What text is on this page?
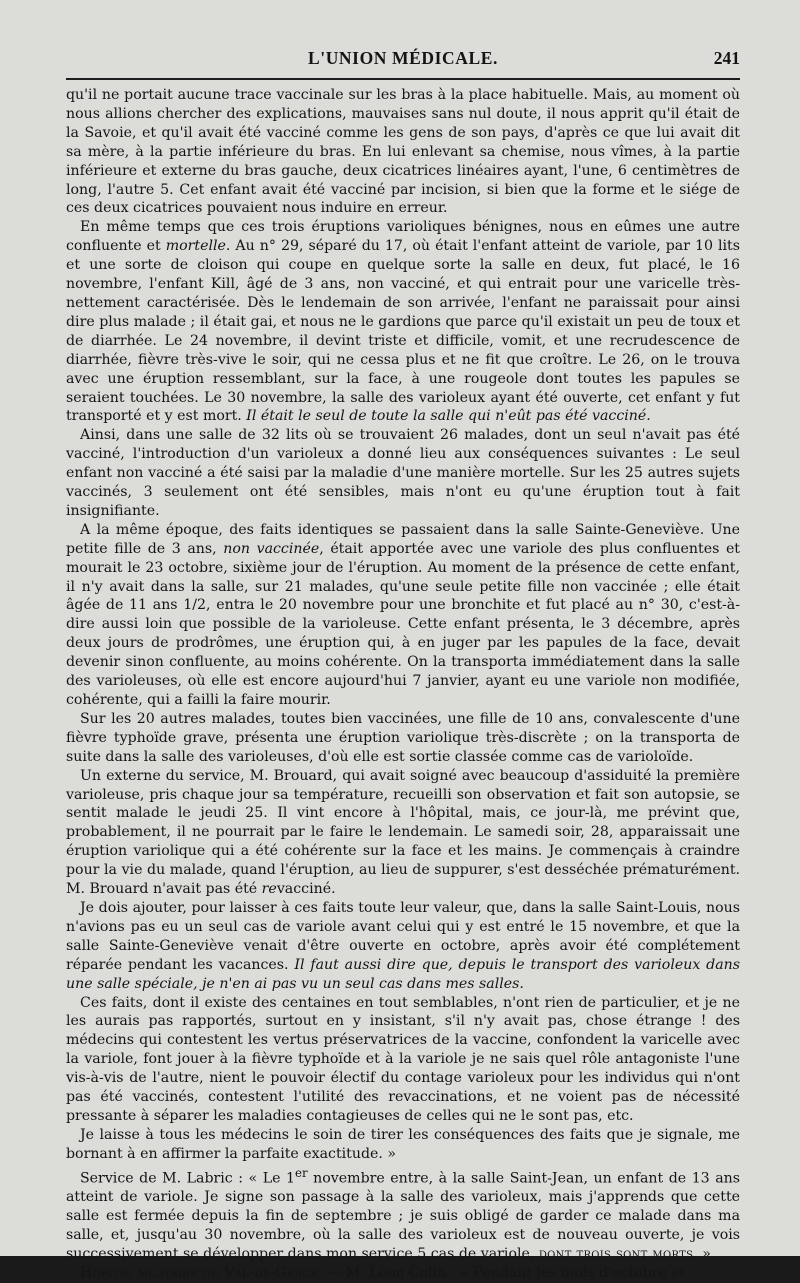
L'UNION MÉDICALE.	241

qu'il ne portait aucune trace vaccinale sur les bras à la place habituelle. Mais, au moment où nous allions chercher des explications, mauvaises sans nul doute, il nous apprit qu'il était de la Savoie, et qu'il avait été vacciné comme les gens de son pays, d'après ce que lui avait dit sa mère, à la partie inférieure du bras. En lui enlevant sa chemise, nous vîmes, à la partie inférieure et externe du bras gauche, deux cicatrices linéaires ayant, l'une, 6 centimètres de long, l'autre 5. Cet enfant avait été vacciné par incision, si bien que la forme et le siége de ces deux cicatrices pouvaient nous induire en erreur.

En même temps que ces trois éruptions varioliques bénignes, nous en eûmes une autre confluente et mortelle. Au n° 29, séparé du 17, où était l'enfant atteint de variole, par 10 lits et une sorte de cloison qui coupe en quelque sorte la salle en deux, fut placé, le 16 novembre, l'enfant Kill, âgé de 3 ans, non vacciné, et qui entrait pour une varicelle très-nettement caractérisée. Dès le lendemain de son arrivée, l'enfant ne paraissait pour ainsi dire plus malade ; il était gai, et nous ne le gardions que parce qu'il existait un peu de toux et de diarrhée. Le 24 novembre, il devint triste et difficile, vomit, et une recrudescence de diarrhée, fièvre très-vive le soir, qui ne cessa plus et ne fit que croître. Le 26, on le trouva avec une éruption ressemblant, sur la face, à une rougeole dont toutes les papules se seraient touchées. Le 30 novembre, la salle des varioleux ayant été ouverte, cet enfant y fut transporté et y est mort. Il était le seul de toute la salle qui n'eût pas été vacciné.

Ainsi, dans une salle de 32 lits où se trouvaient 26 malades, dont un seul n'avait pas été vacciné, l'introduction d'un varioleux a donné lieu aux conséquences suivantes : Le seul enfant non vacciné a été saisi par la maladie d'une manière mortelle. Sur les 25 autres sujets vaccinés, 3 seulement ont été sensibles, mais n'ont eu qu'une éruption tout à fait insignifiante.

A la même époque, des faits identiques se passaient dans la salle Sainte-Geneviève. Une petite fille de 3 ans, non vaccinée, était apportée avec une variole des plus confluentes et mourait le 23 octobre, sixième jour de l'éruption. Au moment de la présence de cette enfant, il n'y avait dans la salle, sur 21 malades, qu'une seule petite fille non vaccinée ; elle était âgée de 11 ans 1/2, entra le 20 novembre pour une bronchite et fut placé au n° 30, c'est-à-dire aussi loin que possible de la varioleuse. Cette enfant présenta, le 3 décembre, après deux jours de prodrômes, une éruption qui, à en juger par les papules de la face, devait devenir sinon confluente, au moins cohérente. On la transporta immédiatement dans la salle des varioleuses, où elle est encore aujourd'hui 7 janvier, ayant eu une variole non modifiée, cohérente, qui a failli la faire mourir.

Sur les 20 autres malades, toutes bien vaccinées, une fille de 10 ans, convalescente d'une fièvre typhoïde grave, présenta une éruption variolique très-discrète ; on la transporta de suite dans la salle des varioleuses, d'où elle est sortie classée comme cas de varioloïde.

Un externe du service, M. Brouard, qui avait soigné avec beaucoup d'assiduité la première varioleuse, pris chaque jour sa température, recueilli son observation et fait son autopsie, se sentit malade le jeudi 25. Il vint encore à l'hôpital, mais, ce jour-là, me prévint que, probablement, il ne pourrait par le faire le lendemain. Le samedi soir, 28, apparaissait une éruption variolique qui a été cohérente sur la face et les mains. Je commençais à craindre pour la vie du malade, quand l'éruption, au lieu de suppurer, s'est desséchée prématurément. M. Brouard n'avait pas été revacciné.

Je dois ajouter, pour laisser à ces faits toute leur valeur, que, dans la salle Saint-Louis, nous n'avions pas eu un seul cas de variole avant celui qui y est entré le 15 novembre, et que la salle Sainte-Geneviève venait d'être ouverte en octobre, après avoir été complétement réparée pendant les vacances. Il faut aussi dire que, depuis le transport des varioleux dans une salle spéciale, je n'en ai pas vu un seul cas dans mes salles.

Ces faits, dont il existe des centaines en tout semblables, n'ont rien de particulier, et je ne les aurais pas rapportés, surtout en y insistant, s'il n'y avait pas, chose étrange ! des médecins qui contestent les vertus préservatrices de la vaccine, confondent la varicelle avec la variole, font jouer à la fièvre typhoïde et à la variole je ne sais quel rôle antagoniste l'une vis-à-vis de l'autre, nient le pouvoir électif du contage varioleux pour les individus qui n'ont pas été vaccinés, contestent l'utilité des revaccinations, et ne voient pas de nécessité pressante à séparer les maladies contagieuses de celles qui ne le sont pas, etc.

Je laisse à tous les médecins le soin de tirer les conséquences des faits que je signale, me bornant à en affirmer la parfaite exactitude. »

Service de M. Labric : « Le 1er novembre entre, à la salle Saint-Jean, un enfant de 13 ans atteint de variole. Je signe son passage à la salle des varioleux, mais j'apprends que cette salle est fermée depuis la fin de septembre ; je suis obligé de garder ce malade dans ma salle, et, jusqu'au 30 novembre, où la salle des varioleux est de nouveau ouverte, je vois successivement se développer dans mon service 5 cas de variole, dont trois sont morts. »

Hôpital militaire du Val-de-Grace. — M. Léon Colin : « Pendant les mois d'octobre et
